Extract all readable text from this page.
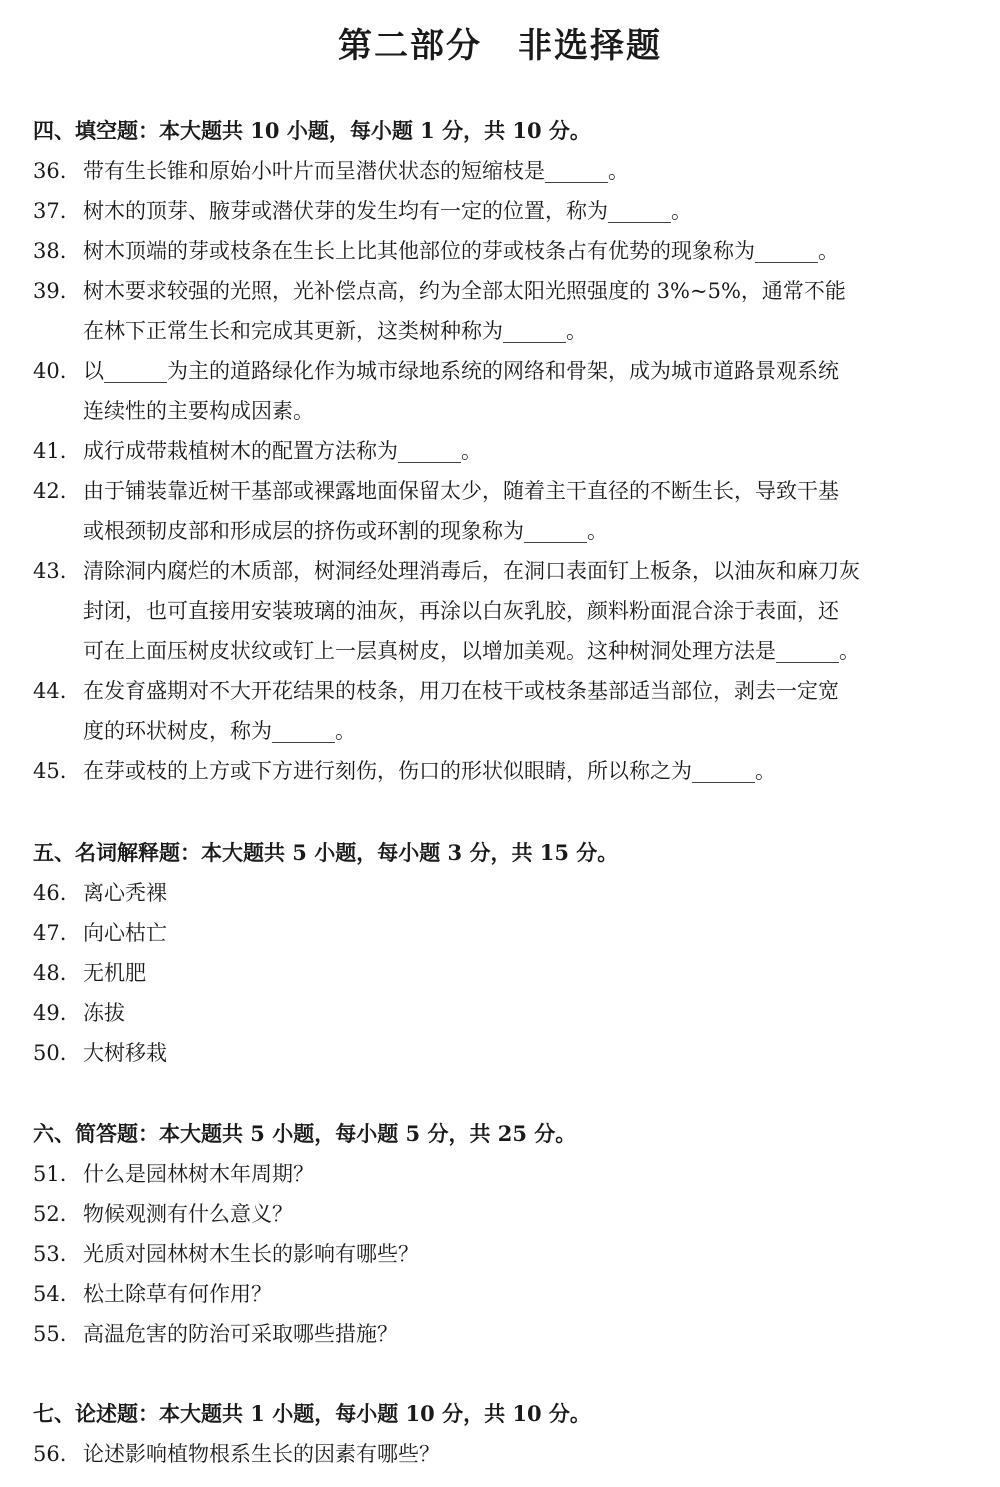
第二部分　非选择题
四、填空题：本大题共 10 小题，每小题 1 分，共 10 分。
36. 带有生长锥和原始小叶片而呈潜伏状态的短缩枝是______。
37. 树木的顶芽、腋芽或潜伏芽的发生均有一定的位置，称为______。
38. 树木顶端的芽或枝条在生长上比其他部位的芽或枝条占有优势的现象称为______。
39. 树木要求较强的光照，光补偿点高，约为全部太阳光照强度的 3%~5%，通常不能
在林下正常生长和完成其更新，这类树种称为______。
40. 以______为主的道路绿化作为城市绿地系统的网络和骨架，成为城市道路景观系统
连续性的主要构成因素。
41. 成行成带栽植树木的配置方法称为______。
42. 由于铺装靠近树干基部或裸露地面保留太少，随着主干直径的不断生长，导致干基
或根颈韧皮部和形成层的挤伤或环割的现象称为______。
43. 清除洞内腐烂的木质部，树洞经处理消毒后，在洞口表面钉上板条，以油灰和麻刀灰
封闭，也可直接用安装玻璃的油灰，再涂以白灰乳胶，颜料粉面混合涂于表面，还
可在上面压树皮状纹或钉上一层真树皮，以增加美观。这种树洞处理方法是______。
44. 在发育盛期对不大开花结果的枝条，用刀在枝干或枝条基部适当部位，剥去一定宽
度的环状树皮，称为______。
45. 在芽或枝的上方或下方进行刻伤，伤口的形状似眼睛，所以称之为______。
五、名词解释题：本大题共 5 小题，每小题 3 分，共 15 分。
46. 离心秃裸
47. 向心枯亡
48. 无机肥
49. 冻拔
50. 大树移栽
六、简答题：本大题共 5 小题，每小题 5 分，共 25 分。
51. 什么是园林树木年周期？
52. 物候观测有什么意义？
53. 光质对园林树木生长的影响有哪些？
54. 松土除草有何作用？
55. 高温危害的防治可采取哪些措施？
七、论述题：本大题共 1 小题，每小题 10 分，共 10 分。
56. 论述影响植物根系生长的因素有哪些？
